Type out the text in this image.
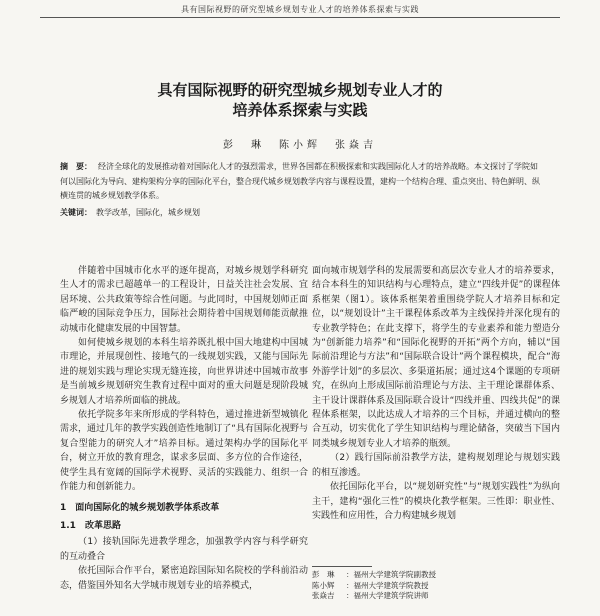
具有国际视野的研究型城乡规划专业人才的培养体系探索与实践
具有国际视野的研究型城乡规划专业人才的
培养体系探索与实践
彭　琳　陈小辉　张焱吉
摘　要： 经济全球化的发展推动着对国际化人才的强烈需求，世界各国都在积极探索和实践国际化人才的培养战略。本文探讨了学院如何以国际化为导向、建构架构分享的国际化平台，整合现代城乡规划教学内容与课程设置，建构一个结构合理、重点突出、特色鲜明、纵横连贯的城乡规划教学体系。
关键词： 教学改革，国际化，城乡规划

伴随着中国城市化水平的逐年提高，对城乡规划学科研究生人才的需求已超越单一的工程设计，日益关注社会发展、宜居环境、公共政策等综合性问题。与此同时，中国规划师正面临严峻的国际竞争压力，国际社会期待着中国规划师能贡献推动城市化健康发展的中国智慧。

如何使城乡规划的本科生培养既扎根中国大地建构中国城市理论，并展现创性、接地气的一线规划实践，又能与国际先进的规划实践与理论实现无缝连接，向世界讲述中国城市故事是当前城乡规划研究生教育过程中面对的重大问题是现阶段城乡规划人才培养所面临的挑战。

依托学院多年来所形成的学科特色，通过推进新型城镇化需求，通过几年的教学实践创造性地制订了“具有国际化视野与复合型能力的研究人才”培养目标。通过架构办学的国际化平台，树立开放的教育理念，谋求多层面、多方位的合作途径，使学生具有宽阔的国际学术视野、灵活的实践能力、组织一合作能力和创新能力。

1　面向国际化的城乡规划教学体系改革
1.1　改革思路

（1）接轨国际先进教学理念，加强教学内容与科学研究的互动叠合

依托国际合作平台，紧密追踪国际知名院校的学科前沿动态，借鉴国外知名大学城市规划专业的培养模式，

面向城市规划学科的发展需要和高层次专业人才的培养要求，结合本科生的知识结构与心理特点，建立“四线并促”的课程体系框架（图1）。该体系框架着重围绕学院人才培养目标和定位，以“规划设计”主干课程体系改革为主线保持并深化现有的专业教学特色；在此支撑下，将学生的专业素养和能力塑造分为“创新能力培养”和“国际化视野的开拓”两个方向，辅以“国际前沿理论与方法”和“国际联合设计”两个课程模块，配合“海外游学计划”的多层次、多渠道拓展；通过这4个课题的专项研究，在纵向上形成国际前沿理论与方法、主干理论课群体系、主干设计课群体系及国际联合设计“四线并重、四线共促”的课程体系框架，以此达成人才培养的三个目标，并通过横向的整合互动，切实优化了学生知识结构与理论储备，突破当下国内同类城乡规划专业人才培养的瓶颈。

（2）践行国际前沿教学方法，建构规划理论与规划实践的相互渗透。

依托国际化平台，以“规划研究性”与“规划实践性”为纵向主干，建构“强化三性”的模块化教学框架。三性即：职业性、实践性和应用性，合力构建城乡规划

彭　琳 ：福州大学建筑学院副教授
陈小辉 ：福州大学建筑学院教授
张焱吉 ：福州大学建筑学院讲师
